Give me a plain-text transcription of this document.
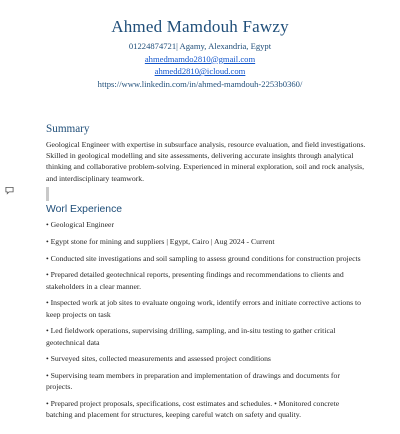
Ahmed Mamdouh Fawzy
01224874721| Agamy, Alexandria, Egypt
ahmedmamdo2810@gmail.com
ahmedd2810@icloud.com
https://www.linkedin.com/in/ahmed-mamdouh-2253b0360/
Summary
Geological Engineer with expertise in subsurface analysis, resource evaluation, and field investigations. Skilled in geological modelling and site assessments, delivering accurate insights through analytical thinking and collaborative problem-solving. Experienced in mineral exploration, soil and rock analysis, and interdisciplinary teamwork.
Worl Experience
• Geological Engineer
• Egypt stone for mining and suppliers | Egypt, Cairo | Aug 2024 - Current
• Conducted site investigations and soil sampling to assess ground conditions for construction projects
• Prepared detailed geotechnical reports, presenting findings and recommendations to clients and stakeholders in a clear manner.
• Inspected work at job sites to evaluate ongoing work, identify errors and initiate corrective actions to keep projects on task
• Led fieldwork operations, supervising drilling, sampling, and in-situ testing to gather critical geotechnical data
• Surveyed sites, collected measurements and assessed project conditions
• Supervising team members in preparation and implementation of drawings and documents for projects.
• Prepared project proposals, specifications, cost estimates and schedules. • Monitored concrete batching and placement for structures, keeping careful watch on safety and quality.
